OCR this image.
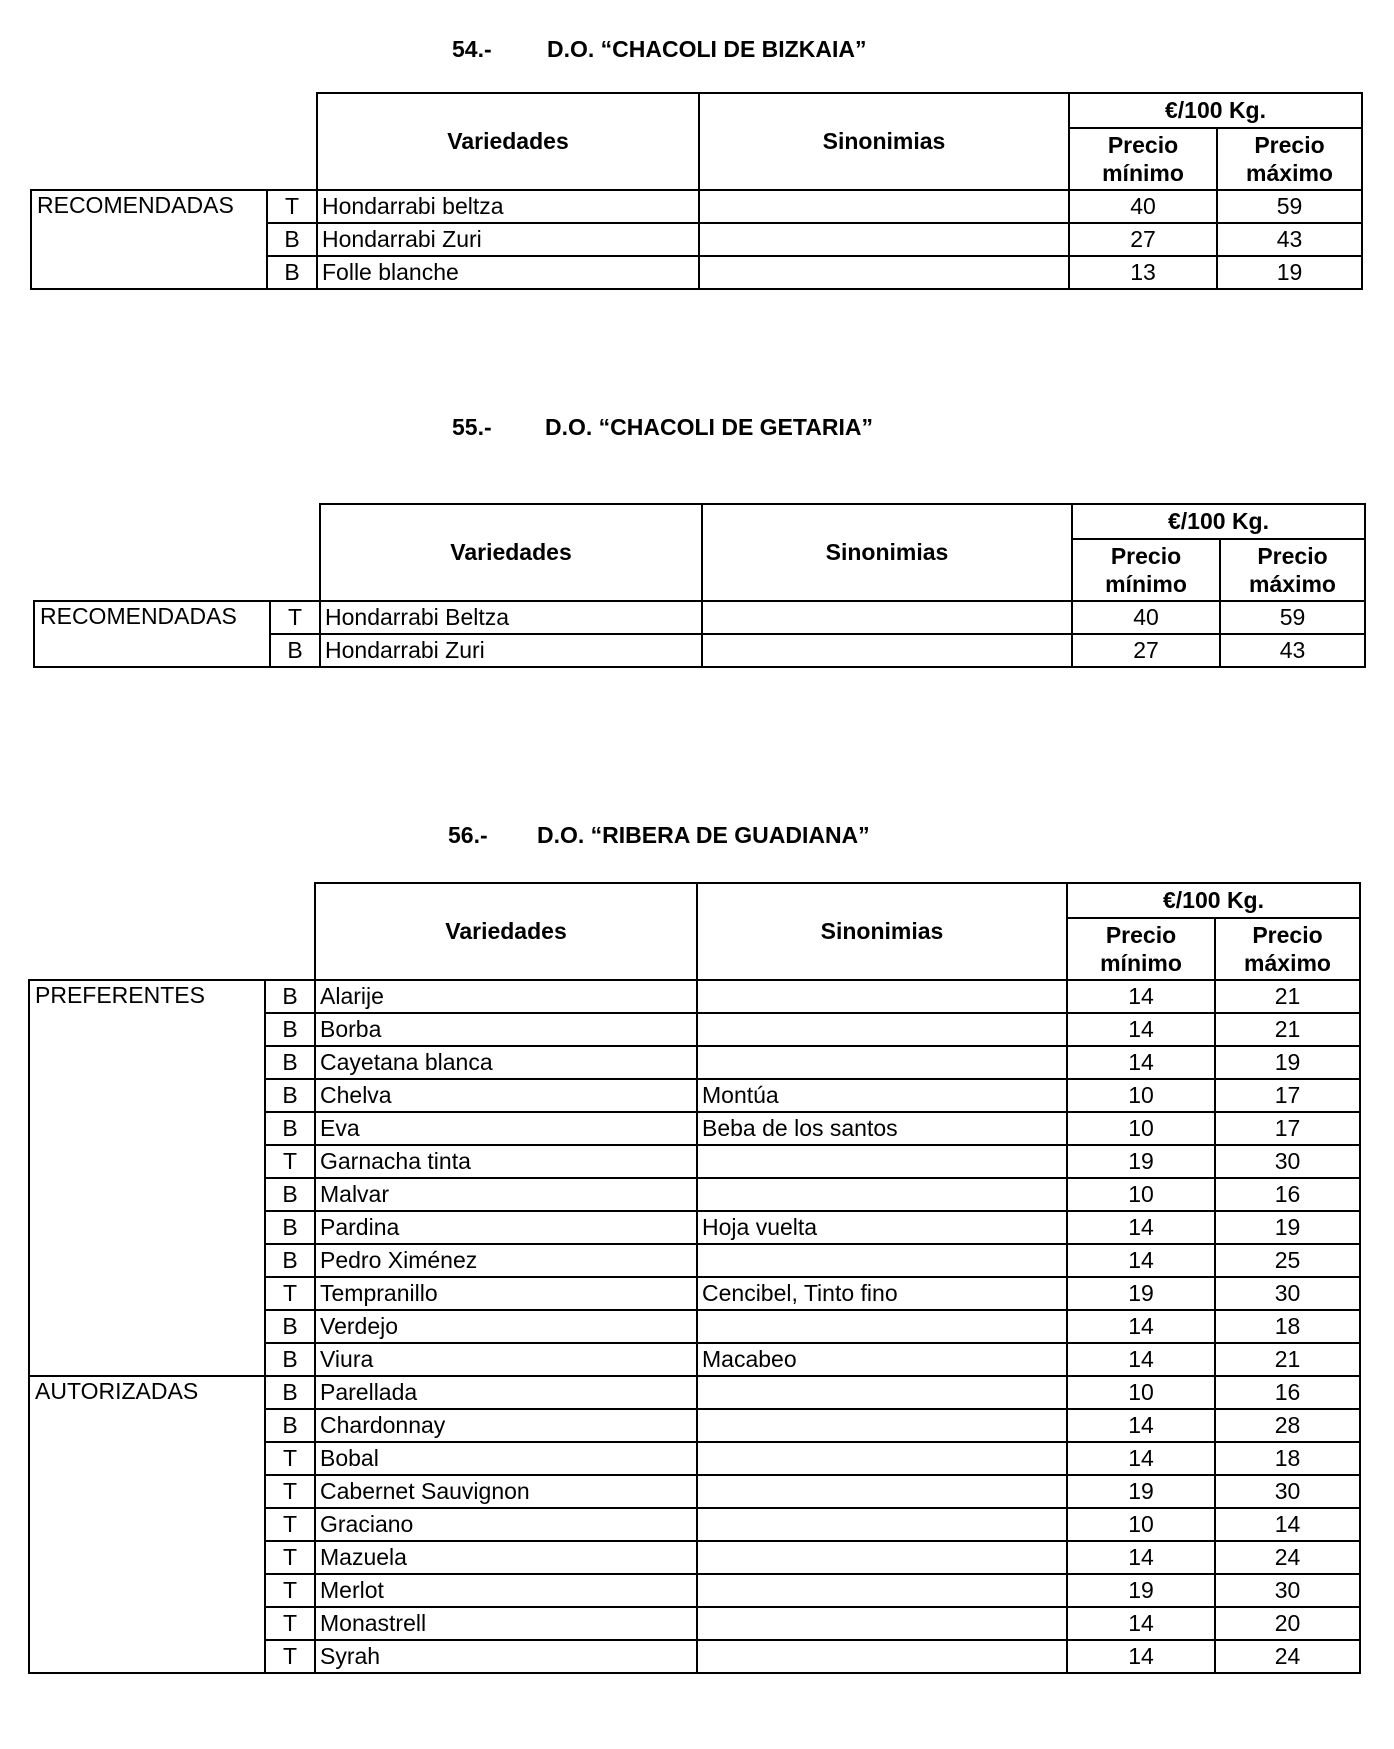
54.- D.O. “CHACOLI DE BIZKAIA”
		Variedades	Sinonimias	€/100 Kg.	
				Precio mínimo	Precio máximo
RECOMENDADAS	T	Hondarrabi beltza		40	59
	B	Hondarrabi Zuri		27	43
	B	Folle blanche		13	19
55.- D.O. “CHACOLI DE GETARIA”
		Variedades	Sinonimias	€/100 Kg.	
				Precio mínimo	Precio máximo
RECOMENDADAS	T	Hondarrabi Beltza		40	59
	B	Hondarrabi Zuri		27	43
56.- D.O. “RIBERA DE GUADIANA”
		Variedades	Sinonimias	€/100 Kg.	
				Precio mínimo	Precio máximo
PREFERENTES	B	Alarije		14	21
	B	Borba		14	21
	B	Cayetana blanca		14	19
	B	Chelva	Montúa	10	17
	B	Eva	Beba de los santos	10	17
	T	Garnacha tinta		19	30
	B	Malvar		10	16
	B	Pardina	Hoja vuelta	14	19
	B	Pedro Ximénez		14	25
	T	Tempranillo	Cencibel, Tinto fino	19	30
	B	Verdejo		14	18
	B	Viura	Macabeo	14	21
AUTORIZADAS	B	Parellada		10	16
	B	Chardonnay		14	28
	T	Bobal		14	18
	T	Cabernet Sauvignon		19	30
	T	Graciano		10	14
	T	Mazuela		14	24
	T	Merlot		19	30
	T	Monastrell		14	20
	T	Syrah		14	24
